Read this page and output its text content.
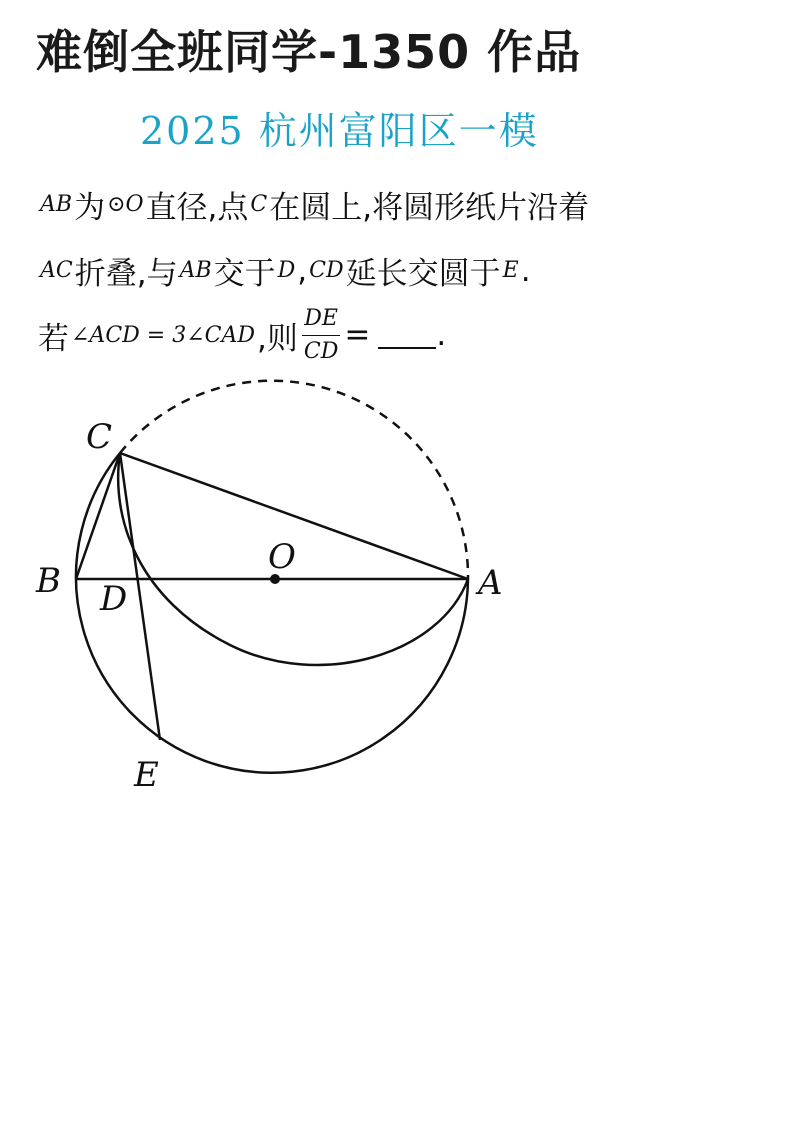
难倒全班同学-1350 作品
2025 杭州富阳区一模
AB 为 ⊙O 直径,点 C 在圆上,将圆形纸片沿着
AC 折叠,与 AB 交于 D , CD 延长交圆于 E .
若 ∠ACD = 3∠CAD ,则 $\frac{DE}{CD}$ = .
C
B D
O
A
E
